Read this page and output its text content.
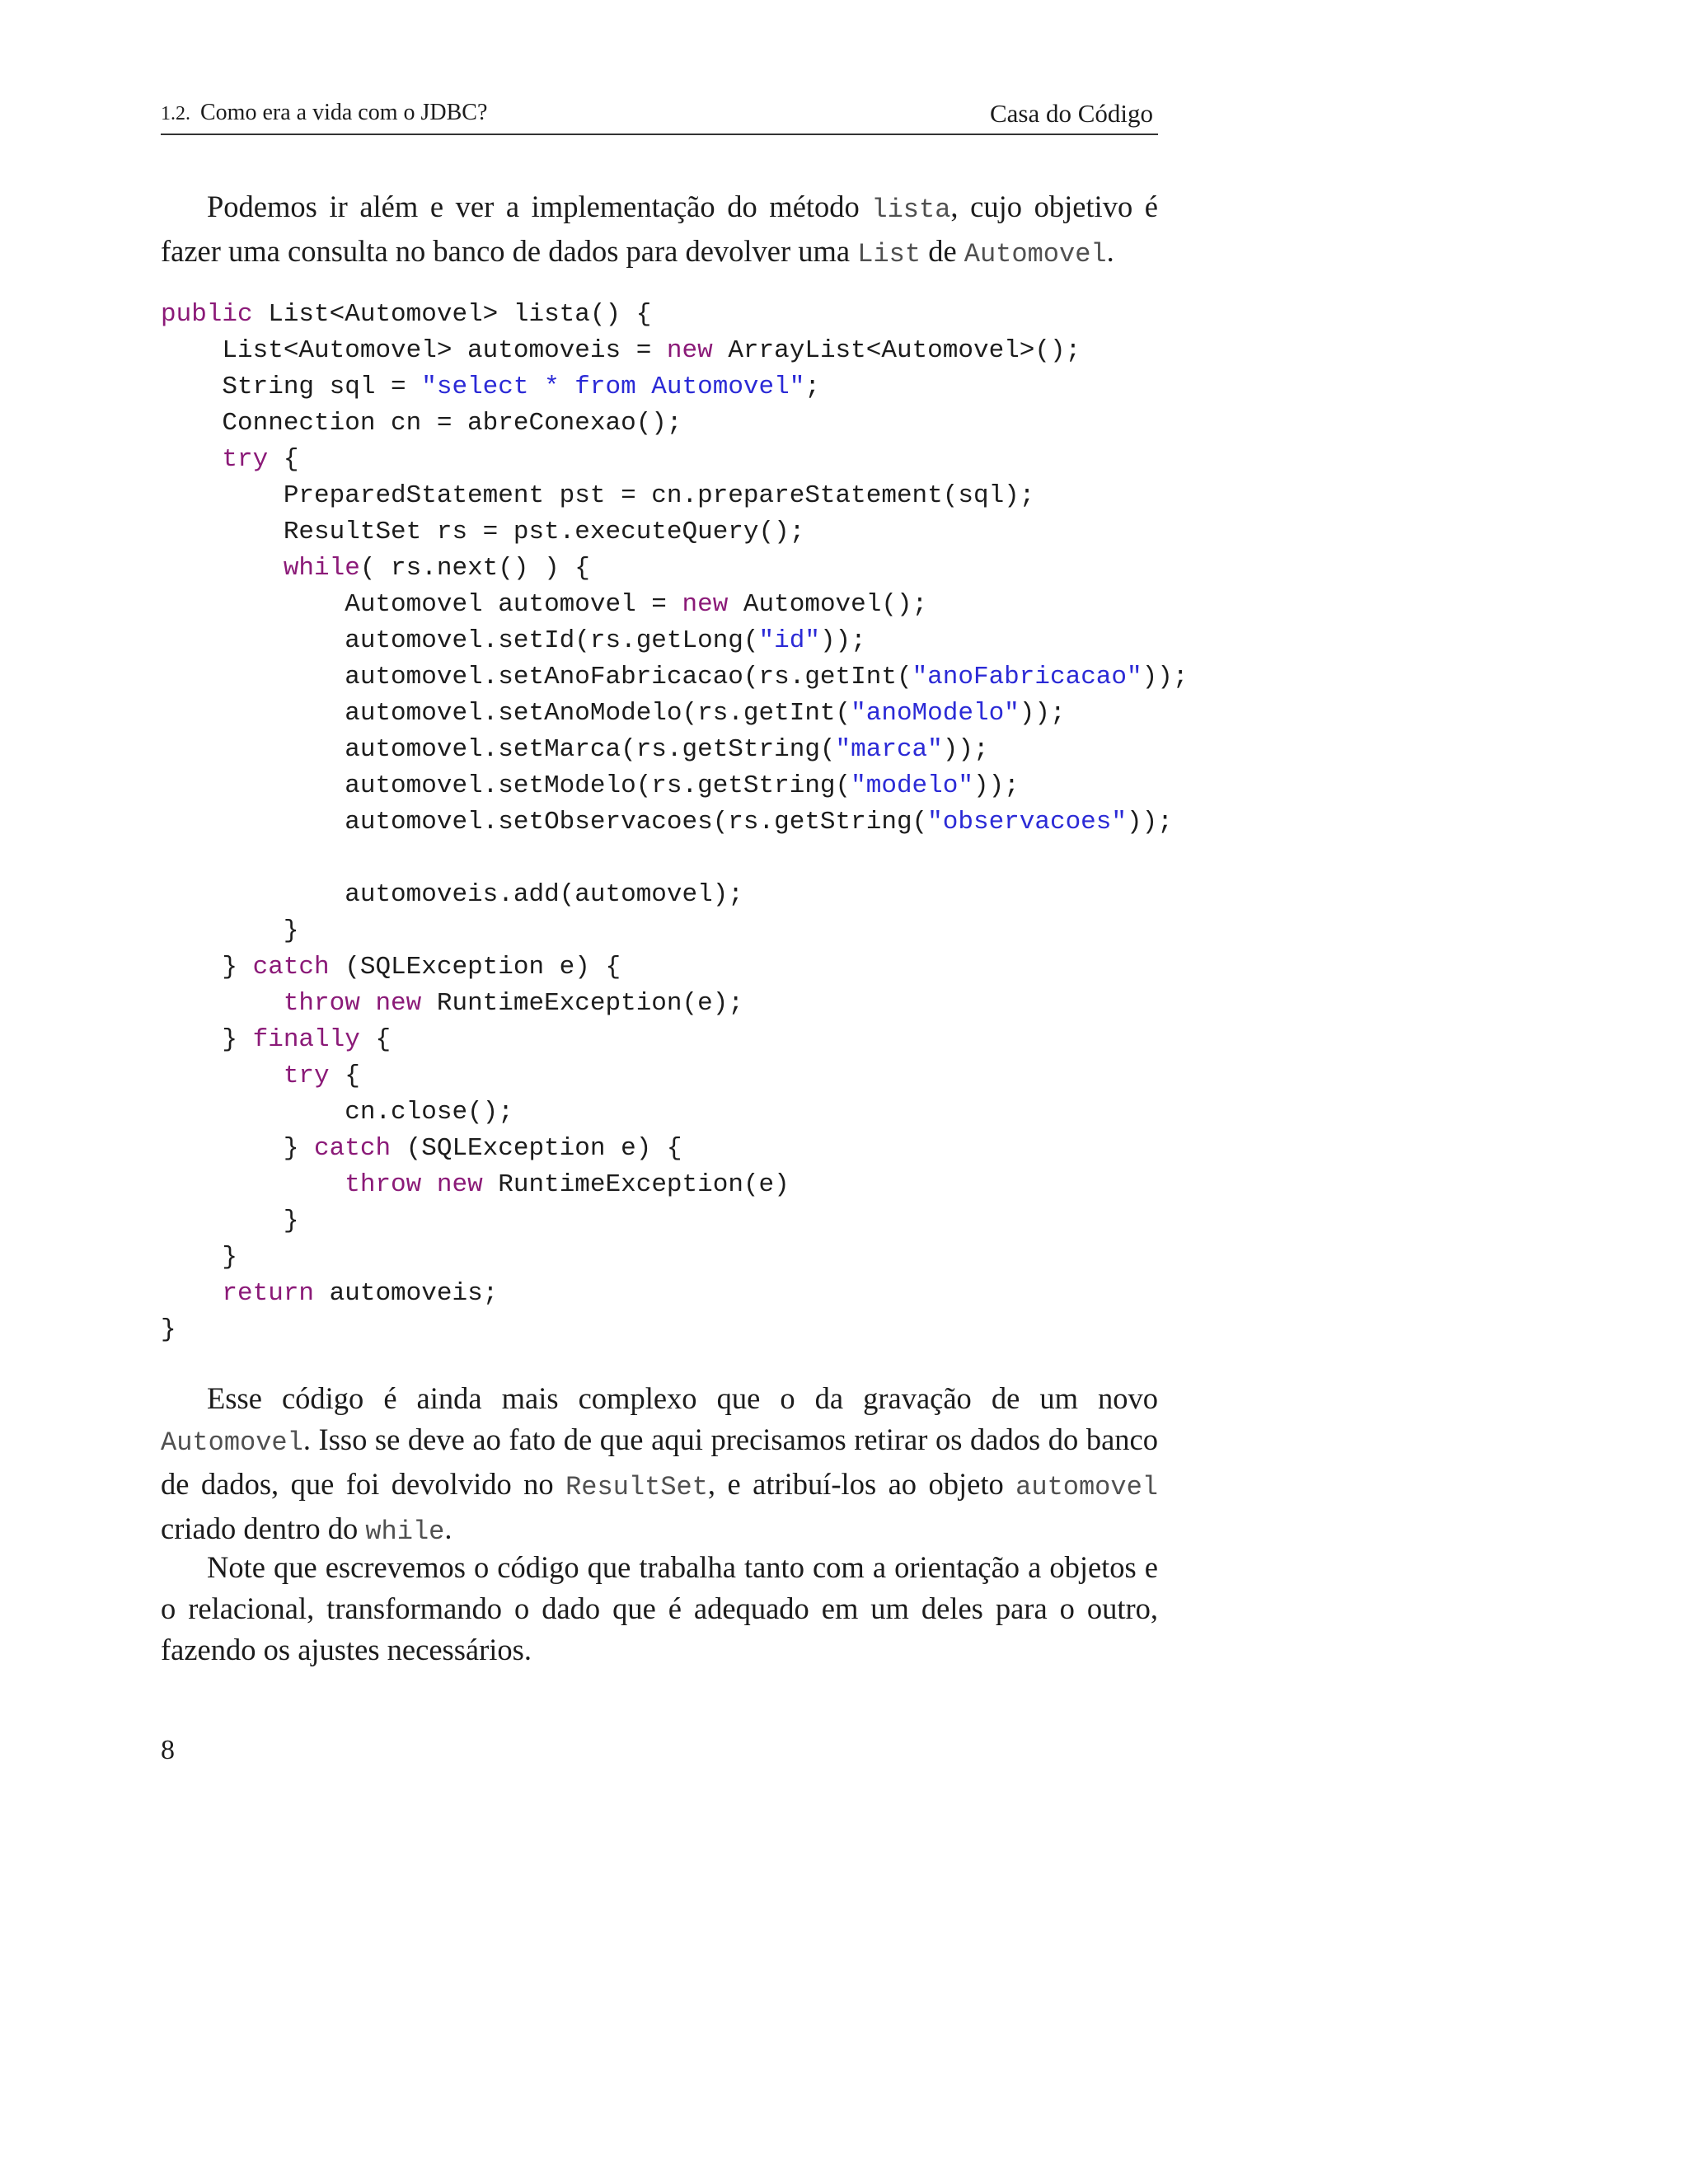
1.2. Como era a vida com o JDBC?	Casa do Código

Podemos ir além e ver a implementação do método lista, cujo objetivo é fazer uma consulta no banco de dados para devolver uma List de Automovel.

public List<Automovel> lista() {
List<Automovel> automoveis = new ArrayList<Automovel>();
String sql = "select * from Automovel";
Connection cn = abreConexao();
try {
PreparedStatement pst = cn.prepareStatement(sql);
ResultSet rs = pst.executeQuery();
while( rs.next() ) {
Automovel automovel = new Automovel();
automovel.setId(rs.getLong("id"));
automovel.setAnoFabricacao(rs.getInt("anoFabricacao"));
automovel.setAnoModelo(rs.getInt("anoModelo"));
automovel.setMarca(rs.getString("marca"));
automovel.setModelo(rs.getString("modelo"));
automovel.setObservacoes(rs.getString("observacoes"));
automoveis.add(automovel);
}
} catch (SQLException e) {
throw new RuntimeException(e);
} finally {
try {
cn.close();
} catch (SQLException e) {
throw new RuntimeException(e)
}
}
return automoveis;
}

Esse código é ainda mais complexo que o da gravação de um novo Automovel. Isso se deve ao fato de que aqui precisamos retirar os dados do banco de dados, que foi devolvido no ResultSet, e atribuí-los ao objeto automovel criado dentro do while.

Note que escrevemos o código que trabalha tanto com a orientação a objetos e o relacional, transformando o dado que é adequado em um deles para o outro, fazendo os ajustes necessários.

8
